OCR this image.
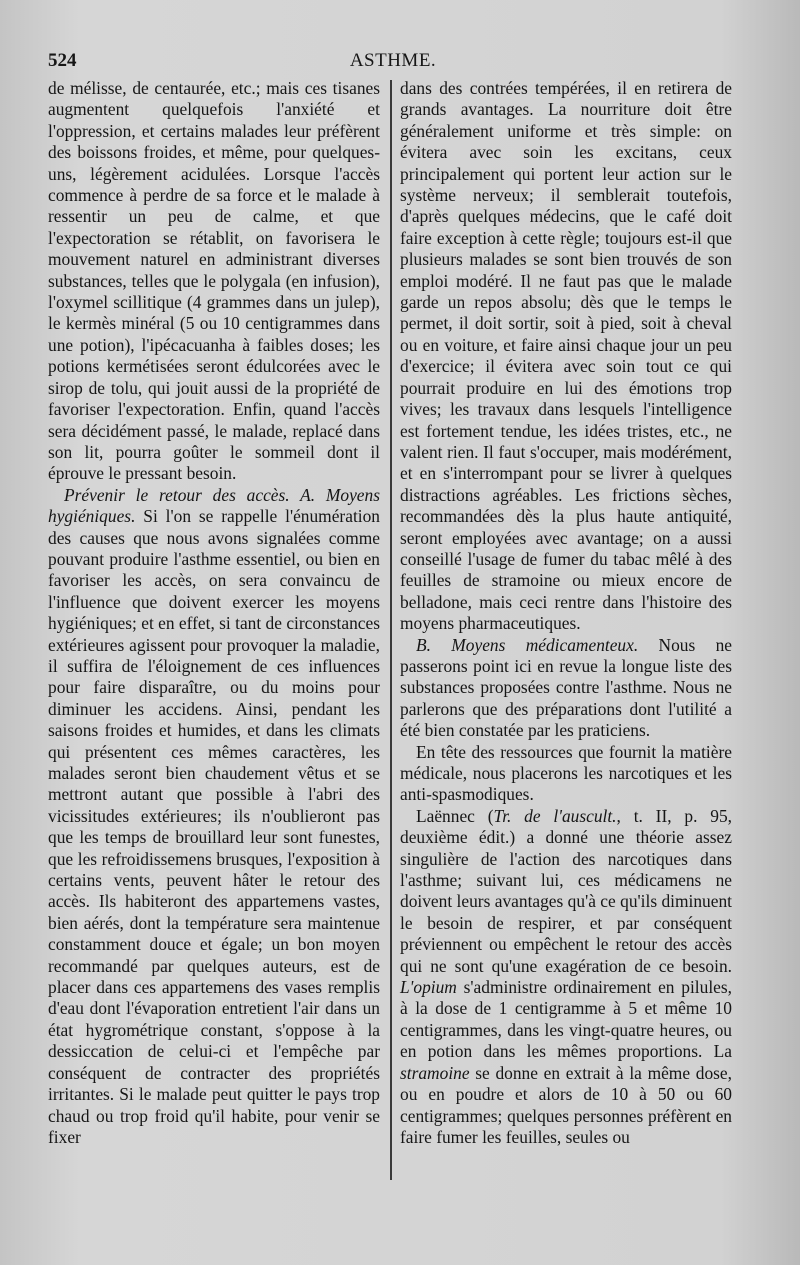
524	ASTHME.

de mélisse, de centaurée, etc.; mais ces tisanes augmentent quelquefois l'anxiété et l'oppression, et certains malades leur préfèrent des boissons froides, et même, pour quelques-uns, légèrement acidulées. Lorsque l'accès commence à perdre de sa force et le malade à ressentir un peu de calme, et que l'expectoration se rétablit, on favorisera le mouvement naturel en administrant diverses substances, telles que le polygala (en infusion), l'oxymel scillitique (4 grammes dans un julep), le kermès minéral (5 ou 10 centigrammes dans une potion), l'ipécacuanha à faibles doses; les potions kermétisées seront édulcorées avec le sirop de tolu, qui jouit aussi de la propriété de favoriser l'expectoration. Enfin, quand l'accès sera décidément passé, le malade, replacé dans son lit, pourra goûter le sommeil dont il éprouve le pressant besoin.

Prévenir le retour des accès. A. Moyens hygiéniques. Si l'on se rappelle l'énumération des causes que nous avons signalées comme pouvant produire l'asthme essentiel, ou bien en favoriser les accès, on sera convaincu de l'influence que doivent exercer les moyens hygiéniques; et en effet, si tant de circonstances extérieures agissent pour provoquer la maladie, il suffira de l'éloignement de ces influences pour faire disparaître, ou du moins pour diminuer les accidens. Ainsi, pendant les saisons froides et humides, et dans les climats qui présentent ces mêmes caractères, les malades seront bien chaudement vêtus et se mettront autant que possible à l'abri des vicissitudes extérieures; ils n'oublieront pas que les temps de brouillard leur sont funestes, que les refroidissemens brusques, l'exposition à certains vents, peuvent hâter le retour des accès. Ils habiteront des appartemens vastes, bien aérés, dont la température sera maintenue constamment douce et égale; un bon moyen recommandé par quelques auteurs, est de placer dans ces appartemens des vases remplis d'eau dont l'évaporation entretient l'air dans un état hygrométrique constant, s'oppose à la dessiccation de celui-ci et l'empêche par conséquent de contracter des propriétés irritantes. Si le malade peut quitter le pays trop chaud ou trop froid qu'il habite, pour venir se fixer

dans des contrées tempérées, il en retirera de grands avantages. La nourriture doit être généralement uniforme et très simple: on évitera avec soin les excitans, ceux principalement qui portent leur action sur le système nerveux; il semblerait toutefois, d'après quelques médecins, que le café doit faire exception à cette règle; toujours est-il que plusieurs malades se sont bien trouvés de son emploi modéré. Il ne faut pas que le malade garde un repos absolu; dès que le temps le permet, il doit sortir, soit à pied, soit à cheval ou en voiture, et faire ainsi chaque jour un peu d'exercice; il évitera avec soin tout ce qui pourrait produire en lui des émotions trop vives; les travaux dans lesquels l'intelligence est fortement tendue, les idées tristes, etc., ne valent rien. Il faut s'occuper, mais modérément, et en s'interrompant pour se livrer à quelques distractions agréables. Les frictions sèches, recommandées dès la plus haute antiquité, seront employées avec avantage; on a aussi conseillé l'usage de fumer du tabac mêlé à des feuilles de stramoine ou mieux encore de belladone, mais ceci rentre dans l'histoire des moyens pharmaceutiques.

B. Moyens médicamenteux. Nous ne passerons point ici en revue la longue liste des substances proposées contre l'asthme. Nous ne parlerons que des préparations dont l'utilité a été bien constatée par les praticiens.

En tête des ressources que fournit la matière médicale, nous placerons les narcotiques et les anti-spasmodiques.

Laënnec (Tr. de l'auscult., t. II, p. 95, deuxième édit.) a donné une théorie assez singulière de l'action des narcotiques dans l'asthme; suivant lui, ces médicamens ne doivent leurs avantages qu'à ce qu'ils diminuent le besoin de respirer, et par conséquent préviennent ou empêchent le retour des accès qui ne sont qu'une exagération de ce besoin. L'opium s'administre ordinairement en pilules, à la dose de 1 centigramme à 5 et même 10 centigrammes, dans les vingt-quatre heures, ou en potion dans les mêmes proportions. La stramoine se donne en extrait à la même dose, ou en poudre et alors de 10 à 50 ou 60 centigrammes; quelques personnes préfèrent en faire fumer les feuilles, seules ou
